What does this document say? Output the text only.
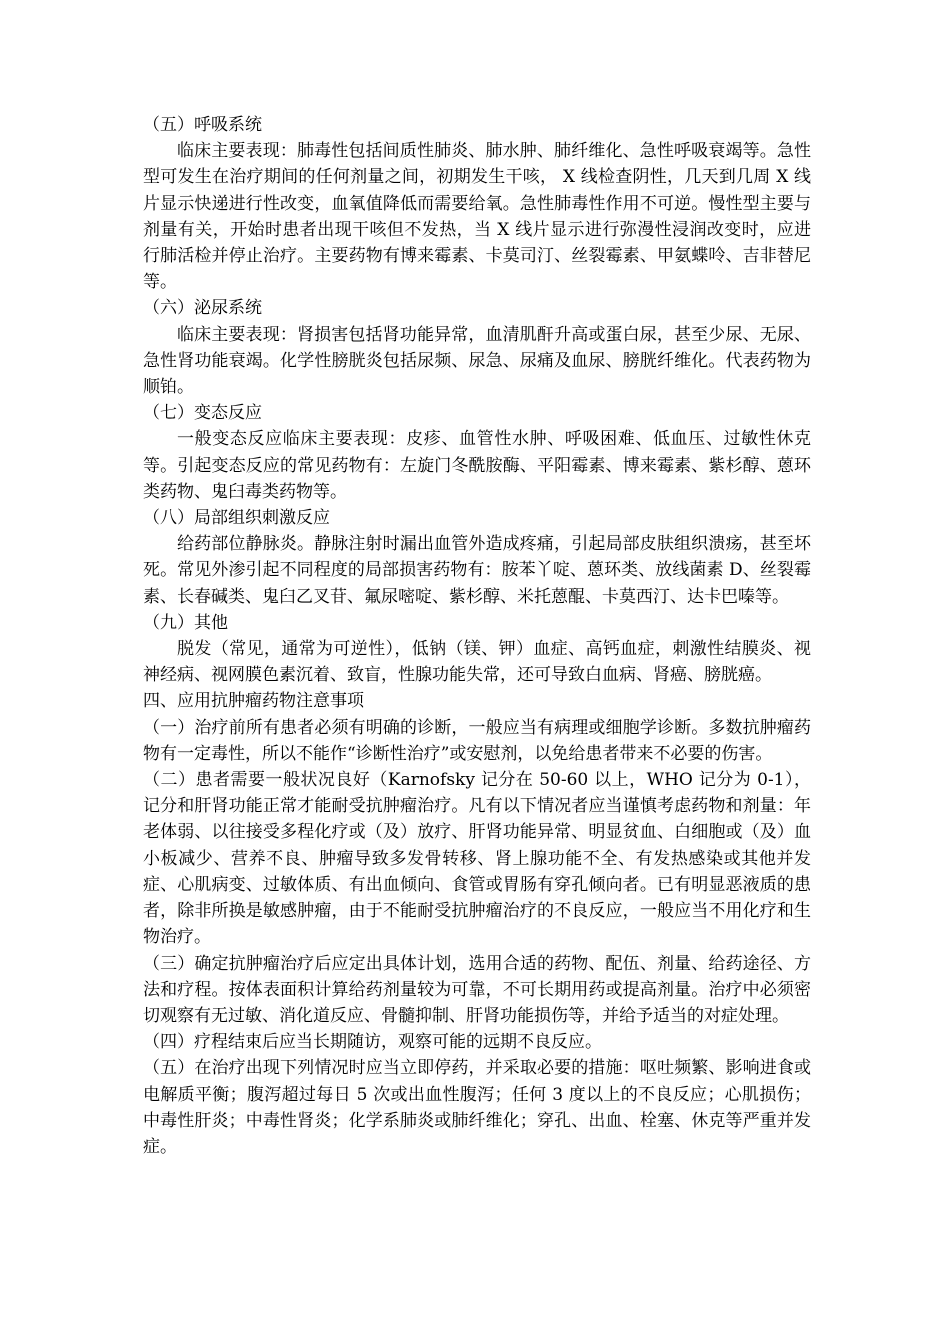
（五）呼吸系统

临床主要表现：肺毒性包括间质性肺炎、肺水肿、肺纤维化、急性呼吸衰竭等。急性型可发生在治疗期间的任何剂量之间，初期发生干咳， X 线检查阴性，几天到几周 X 线片显示快递进行性改变，血氧值降低而需要给氧。急性肺毒性作用不可逆。慢性型主要与剂量有关，开始时患者出现干咳但不发热，当 X 线片显示进行弥漫性浸润改变时，应进行肺活检并停止治疗。主要药物有博来霉素、卡莫司汀、丝裂霉素、甲氨蝶呤、吉非替尼等。

（六）泌尿系统

临床主要表现：肾损害包括肾功能异常，血清肌酐升高或蛋白尿，甚至少尿、无尿、急性肾功能衰竭。化学性膀胱炎包括尿频、尿急、尿痛及血尿、膀胱纤维化。代表药物为顺铂。

（七）变态反应

一般变态反应临床主要表现：皮疹、血管性水肿、呼吸困难、低血压、过敏性休克等。引起变态反应的常见药物有：左旋门冬酰胺酶、平阳霉素、博来霉素、紫杉醇、蒽环类药物、鬼臼毒类药物等。

（八）局部组织刺激反应

给药部位静脉炎。静脉注射时漏出血管外造成疼痛，引起局部皮肤组织溃疡，甚至坏死。常见外渗引起不同程度的局部损害药物有：胺苯丫啶、蒽环类、放线菌素 D、丝裂霉素、长春碱类、鬼臼乙叉苷、氟尿嘧啶、紫杉醇、米托蒽醌、卡莫西汀、达卡巴嗪等。

（九）其他

脱发（常见，通常为可逆性），低钠（镁、钾）血症、高钙血症，刺激性结膜炎、视神经病、视网膜色素沉着、致盲，性腺功能失常，还可导致白血病、肾癌、膀胱癌。

四、应用抗肿瘤药物注意事项

（一）治疗前所有患者必须有明确的诊断，一般应当有病理或细胞学诊断。多数抗肿瘤药物有一定毒性，所以不能作“诊断性治疗”或安慰剂，以免给患者带来不必要的伤害。

（二）患者需要一般状况良好（Karnofsky 记分在 50-60 以上，WHO 记分为 0-1），记分和肝肾功能正常才能耐受抗肿瘤治疗。凡有以下情况者应当谨慎考虑药物和剂量：年老体弱、以往接受多程化疗或（及）放疗、肝肾功能异常、明显贫血、白细胞或（及）血小板减少、营养不良、肿瘤导致多发骨转移、肾上腺功能不全、有发热感染或其他并发症、心肌病变、过敏体质、有出血倾向、食管或胃肠有穿孔倾向者。已有明显恶液质的患者，除非所换是敏感肿瘤，由于不能耐受抗肿瘤治疗的不良反应，一般应当不用化疗和生物治疗。

（三）确定抗肿瘤治疗后应定出具体计划，选用合适的药物、配伍、剂量、给药途径、方法和疗程。按体表面积计算给药剂量较为可靠，不可长期用药或提高剂量。治疗中必须密切观察有无过敏、消化道反应、骨髓抑制、肝肾功能损伤等，并给予适当的对症处理。

（四）疗程结束后应当长期随访，观察可能的远期不良反应。

（五）在治疗出现下列情况时应当立即停药，并采取必要的措施：呕吐频繁、影响进食或电解质平衡；腹泻超过每日 5 次或出血性腹泻；任何 3 度以上的不良反应；心肌损伤；中毒性肝炎；中毒性肾炎；化学系肺炎或肺纤维化；穿孔、出血、栓塞、休克等严重并发症。
